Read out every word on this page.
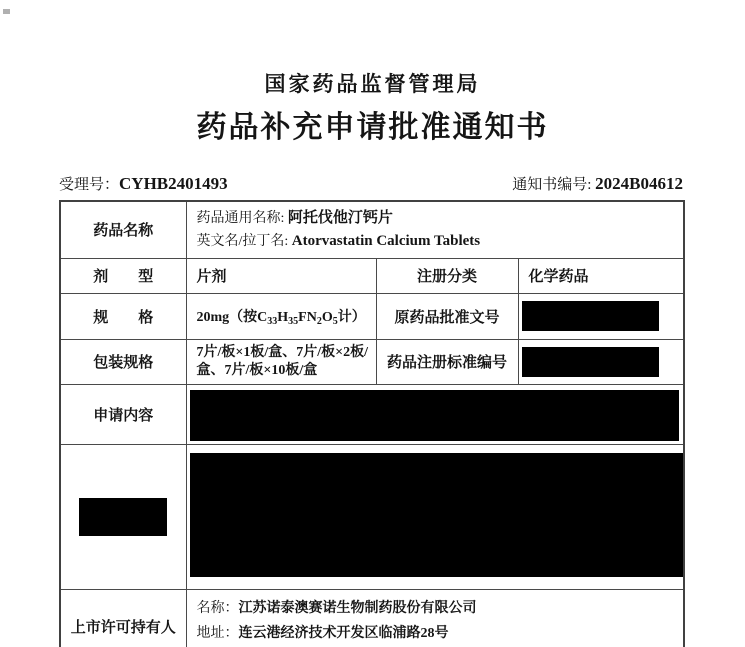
国家药品监督管理局
药品补充申请批准通知书
受理号：CYHB2401493	通知书编号: 2024B04612
药品名称	药品通用名称: 阿托伐他汀钙片
英文名/拉丁名: Atorvastatin Calcium Tablets		

剂　　型	片剂	注册分类	化学药品
规　　格	20mg（按$C_{33}H_{35}FN_2O_5$计）	原药品批准文号	

包装规格	7片/板×1板/盒、7片/板×2板/盒、7片/板×10板/盒	药品注册标准编号	

申请内容			

上市许可持有人	名称：江苏诺泰澳赛诺生物制药股份有限公司
地址：连云港经济技术开发区临浦路28号		
